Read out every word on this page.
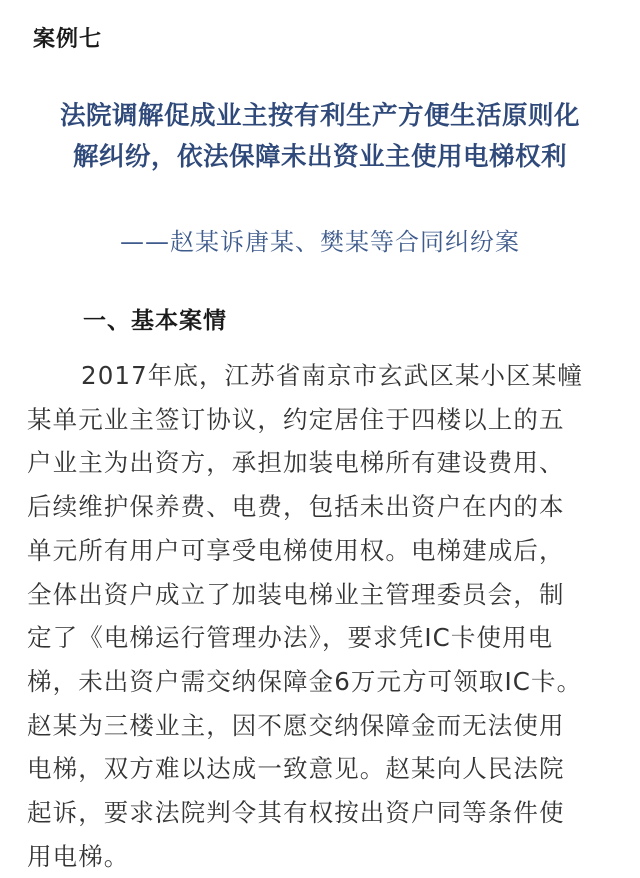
案例七
法院调解促成业主按有利生产方便生活原则化
解纠纷，依法保障未出资业主使用电梯权利
——赵某诉唐某、樊某等合同纠纷案
一、基本案情

2017年底，江苏省南京市玄武区某小区某幢

某单元业主签订协议，约定居住于四楼以上的五

户业主为出资方，承担加装电梯所有建设费用、

后续维护保养费、电费，包括未出资户在内的本

单元所有用户可享受电梯使用权。电梯建成后，

全体出资户成立了加装电梯业主管理委员会，制

定了《电梯运行管理办法》，要求凭IC卡使用电

梯，未出资户需交纳保障金6万元方可领取IC卡。

赵某为三楼业主，因不愿交纳保障金而无法使用

电梯，双方难以达成一致意见。赵某向人民法院

起诉，要求法院判令其有权按出资户同等条件使

用电梯。
